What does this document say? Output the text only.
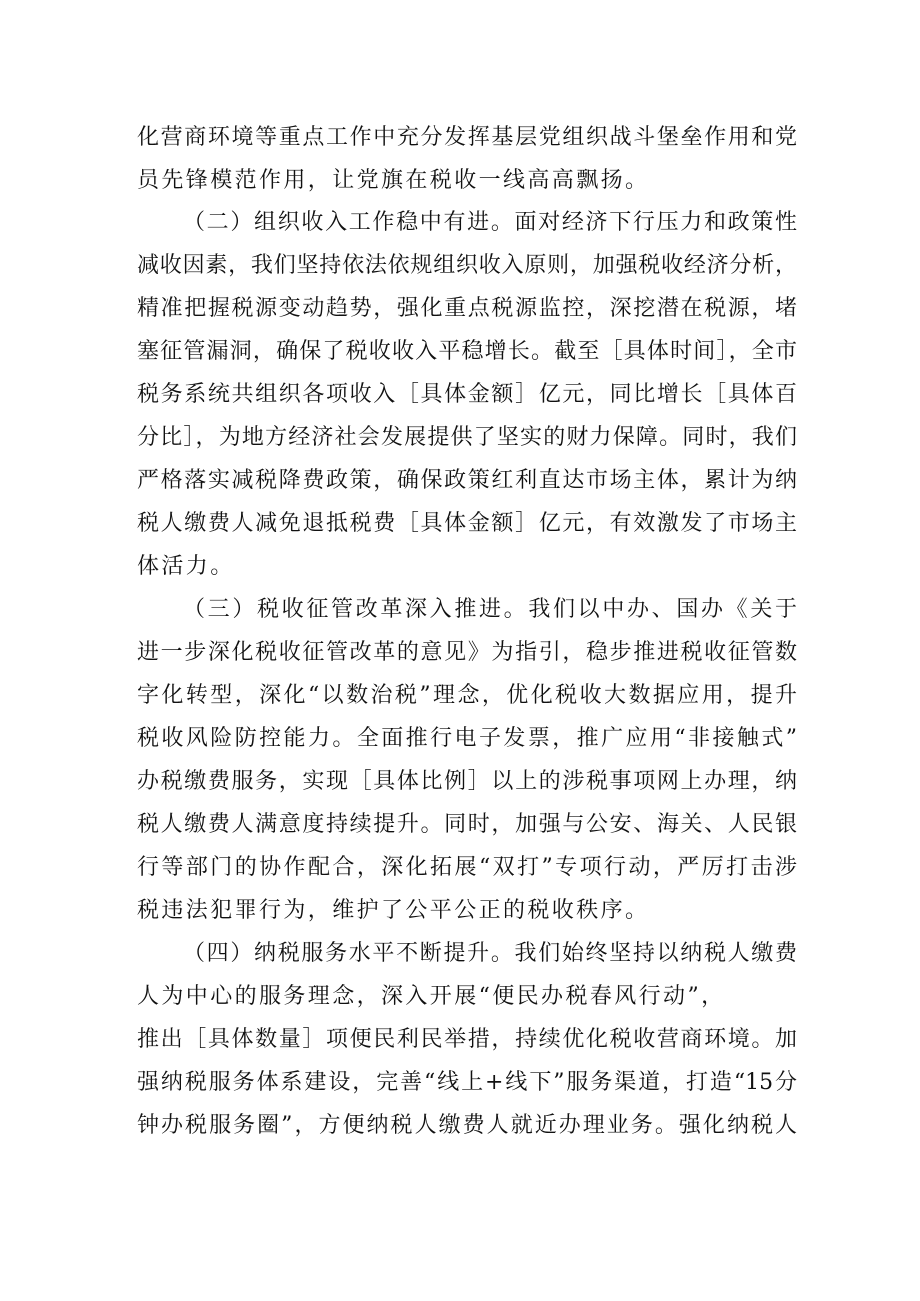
化营商环境等重点工作中充分发挥基层党组织战斗堡垒作用和党
员先锋模范作用，让党旗在税收一线高高飘扬。
（二）组织收入工作稳中有进。面对经济下行压力和政策性
减收因素，我们坚持依法依规组织收入原则，加强税收经济分析，
精准把握税源变动趋势，强化重点税源监控，深挖潜在税源，堵
塞征管漏洞，确保了税收收入平稳增长。截至［具体时间］，全市
税务系统共组织各项收入［具体金额］亿元，同比增长［具体百
分比］，为地方经济社会发展提供了坚实的财力保障。同时，我们
严格落实减税降费政策，确保政策红利直达市场主体，累计为纳
税人缴费人减免退抵税费［具体金额］亿元，有效激发了市场主
体活力。
（三）税收征管改革深入推进。我们以中办、国办《关于
进一步深化税收征管改革的意见》为指引，稳步推进税收征管数
字化转型，深化“以数治税”理念，优化税收大数据应用，提升
税收风险防控能力。全面推行电子发票，推广应用“非接触式”
办税缴费服务，实现［具体比例］以上的涉税事项网上办理，纳
税人缴费人满意度持续提升。同时，加强与公安、海关、人民银
行等部门的协作配合，深化拓展“双打”专项行动，严厉打击涉
税违法犯罪行为，维护了公平公正的税收秩序。
（四）纳税服务水平不断提升。我们始终坚持以纳税人缴费
人为中心的服务理念，深入开展“便民办税春风行动”，
推出［具体数量］项便民利民举措，持续优化税收营商环境。加
强纳税服务体系建设，完善“线上+线下”服务渠道，打造“15分
钟办税服务圈”，方便纳税人缴费人就近办理业务。强化纳税人
